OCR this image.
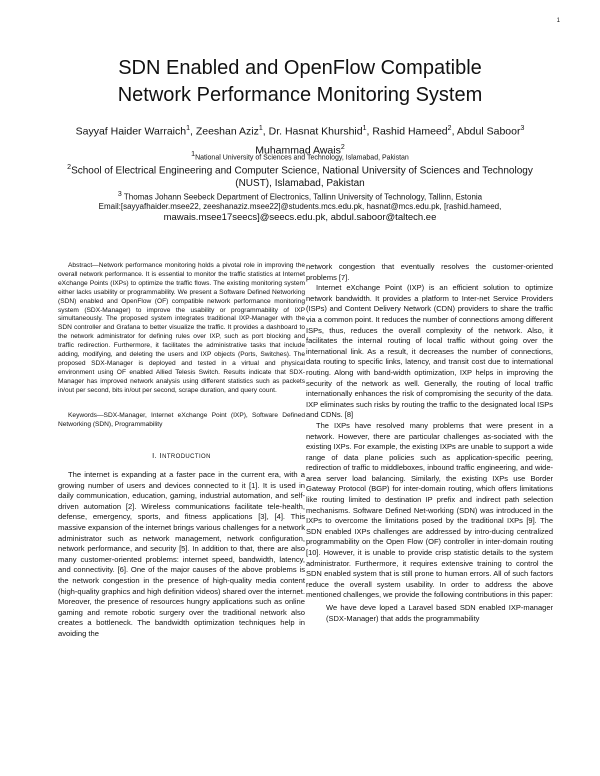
1
SDN Enabled and OpenFlow Compatible
Network Performance Monitoring System
Sayyaf Haider Warraich$^1$, Zeeshan Aziz$^1$, Dr. Hasnat Khurshid$^1$, Rashid Hameed$^2$, Abdul Saboor$^3$
Muhammad Awais$^2$
$^1$National University of Sciences and Technology, Islamabad, Pakistan
$^2$School of Electrical Engineering and Computer Science, National University of Sciences and Technology (NUST), Islamabad, Pakistan
$^3$ Thomas Johann Seebeck Department of Electronics, Tallinn University of Technology, Tallinn, Estonia
Email:[sayyafhaider.msee22, zeeshanaziz.msee22]@students.mcs.edu.pk, hasnat@mcs.edu.pk, [rashid.hameed,
mawais.msee17seecs]@seecs.edu.pk, abdul.saboor@taltech.ee

Abstract—Network performance monitoring holds a pivotal role in improving the overall network performance. It is essential to monitor the traffic statistics at Internet eXchange Points (IXPs) to optimize the traffic flows. The existing monitoring system either lacks usability or programmability. We present a Software Defined Networking (SDN) enabled and OpenFlow (OF) compatible network performance monitoring system (SDX-Manager) to improve the usability or programmability of IXP simultaneously. The proposed system integrates traditional IXP-Manager with the SDN controller and Grafana to better visualize the traffic. It provides a dashboard to the network administrator for defining rules over IXP, such as port blocking and traffic redirection. Furthermore, it facilitates the administrative tasks that include adding, modifying, and deleting the users and IXP objects (Ports, Switches). The proposed SDX-Manager is deployed and tested in a virtual and physical environment using OF enabled Allied Telesis Switch. Results indicate that SDX-Manager has improved network analysis using different statistics such as packets in/out per second, bits in/out per second, scrape duration, and query count.

Keywords—SDX-Manager, Internet eXchange Point (IXP), Software Defined Networking (SDN), Programmability

I. INTRODUCTION

The internet is expanding at a faster pace in the current era, with a growing number of users and devices connected to it [1]. It is used in daily communication, education, gaming, industrial automation, and self-driven automation [2]. Wireless communications facilitate tele-health, defense, emergency, sports, and fitness applications [3], [4]. This massive expansion of the internet brings various challenges for a network administrator such as network management, network configuration, network performance, and security [5]. In addition to that, there are also many customer-oriented problems: internet speed, bandwidth, latency, and connectivity. [6]. One of the major causes of the above problems is the network congestion in the presence of high-quality media content (high-quality graphics and high definition videos) shared over the internet. Moreover, the presence of resources hungry applications such as online gaming and remote robotic surgery over the traditional network also creates a bottleneck. The bandwidth optimization techniques help in avoiding the

network congestion that eventually resolves the customer-oriented problems [7].

Internet eXchange Point (IXP) is an efficient solution to optimize network bandwidth. It provides a platform to Inter-net Service Providers (ISPs) and Content Delivery Network (CDN) providers to share the traffic via a common point. It reduces the number of connections among different ISPs, thus, reduces the overall complexity of the network. Also, it facilitates the internal routing of local traffic without going over the international link. As a result, it decreases the number of connections, data routing to specific links, latency, and transit cost due to international routing. Along with band-width optimization, IXP helps in improving the security of the network as well. Generally, the routing of local traffic internationally enhances the risk of compromising the security of the data. IXP eliminates such risks by routing the traffic to the designated local ISPs and CDNs. [8]

The IXPs have resolved many problems that were present in a network. However, there are particular challenges as-sociated with the existing IXPs. For example, the existing IXPs are unable to support a wide range of data plane policies such as application-specific peering, redirection of traffic to middleboxes, inbound traffic engineering, and wide-area server load balancing. Similarly, the existing IXPs use Border Gateway Protocol (BGP) for inter-domain routing, which offers limitations like routing limited to destination IP prefix and indirect path selection mechanisms. Software Defined Net-working (SDN) was introduced in the IXPs to overcome the limitations posed by the traditional IXPs [9]. The SDN enabled IXPs challenges are addressed by intro-ducing centralized programmability on the Open Flow (OF) controller in inter-domain routing [10]. However, it is unable to provide crisp statistic details to the system administrator. Furthermore, it requires extensive training to control the SDN enabled system that is still prone to human errors. All of such factors reduce the overall system usability. In order to address the above mentioned challenges, we provide the following contributions in this paper:

We have deve loped a Laravel based SDN enabled IXP-manager (SDX-Manager) that adds the programmability
